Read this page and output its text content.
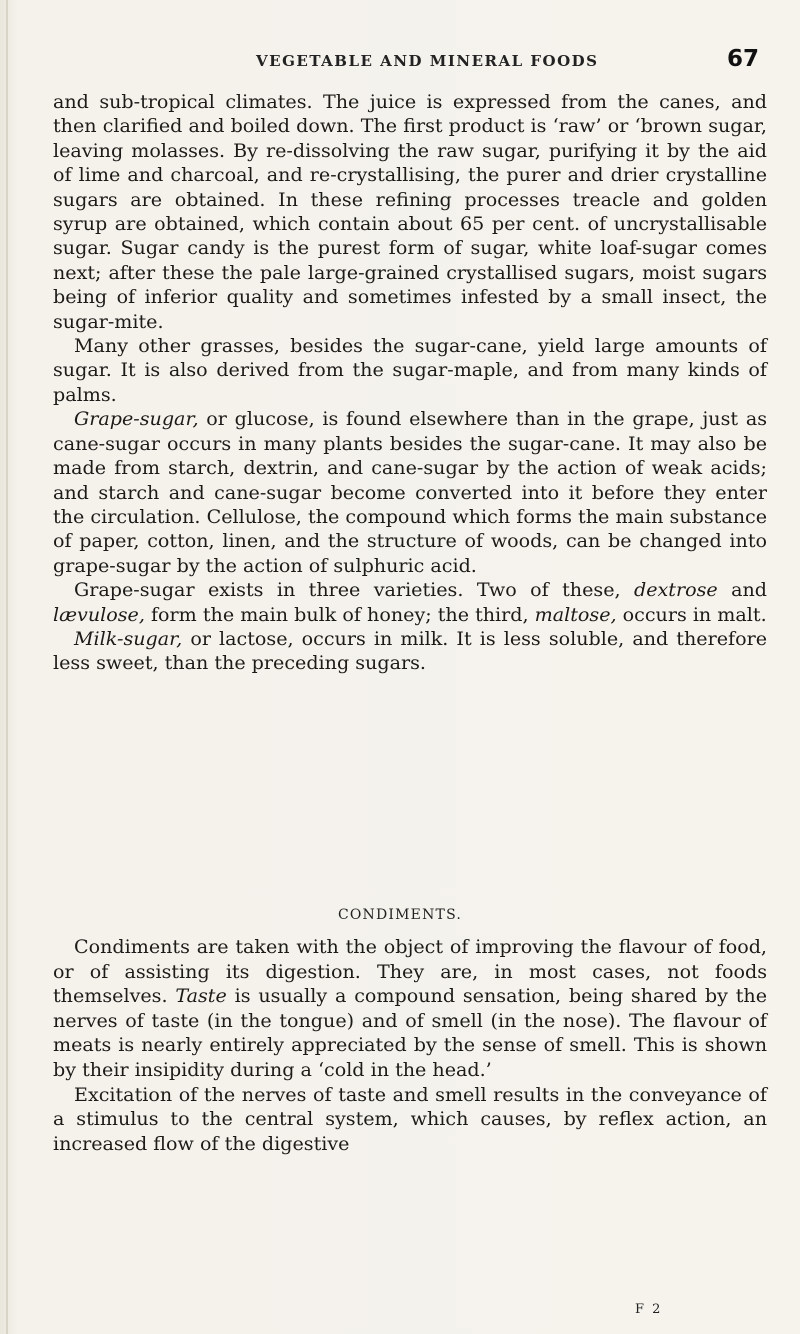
VEGETABLE AND MINERAL FOODS	67

and sub-tropical climates. The juice is expressed from the canes, and then clarified and boiled down. The first product is ‘raw’ or ‘brown sugar, leaving molasses. By re-dissolving the raw sugar, purifying it by the aid of lime and charcoal, and re-crystallising, the purer and drier crystalline sugars are obtained. In these refining processes treacle and golden syrup are obtained, which contain about 65 per cent. of uncrystallisable sugar. Sugar candy is the purest form of sugar, white loaf-sugar comes next; after these the pale large-grained crystallised sugars, moist sugars being of inferior quality and sometimes infested by a small insect, the sugar-mite.

Many other grasses, besides the sugar-cane, yield large amounts of sugar. It is also derived from the sugar-maple, and from many kinds of palms.

Grape-sugar, or glucose, is found elsewhere than in the grape, just as cane-sugar occurs in many plants besides the sugar-cane. It may also be made from starch, dextrin, and cane-sugar by the action of weak acids; and starch and cane-sugar become converted into it before they enter the circulation. Cellulose, the compound which forms the main substance of paper, cotton, linen, and the structure of woods, can be changed into grape-sugar by the action of sulphuric acid.

Grape-sugar exists in three varieties. Two of these, dextrose and lævulose, form the main bulk of honey; the third, maltose, occurs in malt.

Milk-sugar, or lactose, occurs in milk. It is less soluble, and therefore less sweet, than the preceding sugars.

CONDIMENTS.

Condiments are taken with the object of improving the flavour of food, or of assisting its digestion. They are, in most cases, not foods themselves. Taste is usually a compound sensation, being shared by the nerves of taste (in the tongue) and of smell (in the nose). The flavour of meats is nearly entirely appreciated by the sense of smell. This is shown by their insipidity during a ‘cold in the head.’

Excitation of the nerves of taste and smell results in the conveyance of a stimulus to the central system, which causes, by reflex action, an increased flow of the digestive

F 2
